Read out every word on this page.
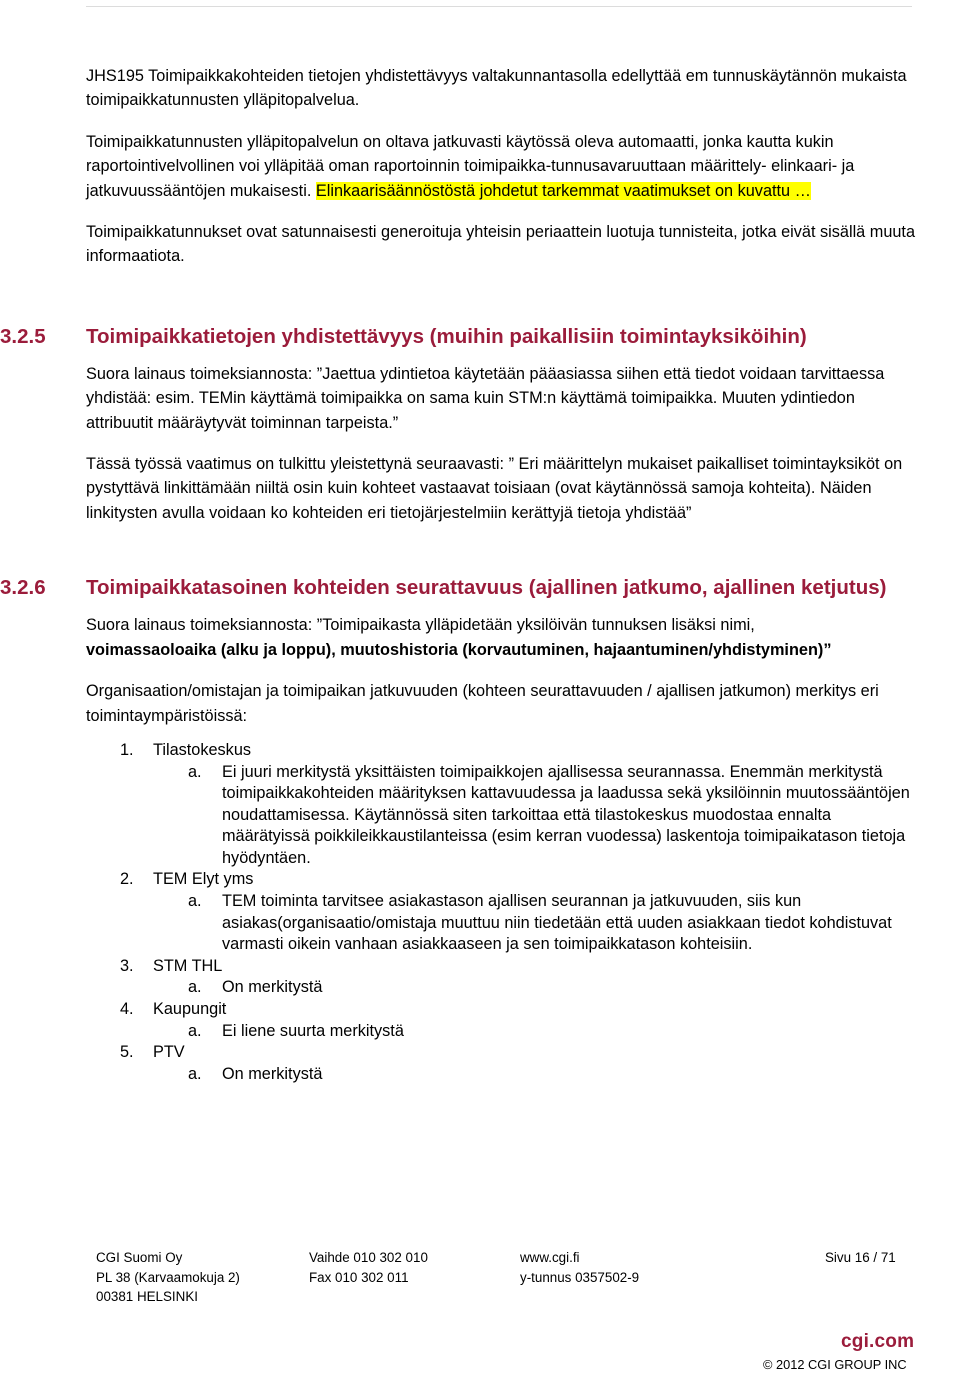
JHS195 Toimipaikkakohteiden tietojen yhdistettävyys valtakunnantasolla edellyttää em tunnuskäytännön mukaista toimipaikkatunnusten ylläpitopalvelua.

Toimipaikkatunnusten ylläpitopalvelun on oltava jatkuvasti käytössä oleva automaatti, jonka kautta kukin raportointivelvollinen voi ylläpitää oman raportoinnin toimipaikka-tunnusavaruuttaan määrittely- elinkaari- ja jatkuvuussääntöjen mukaisesti. Elinkaarisäännöstöstä johdetut tarkemmat vaatimukset on kuvattu …

Toimipaikkatunnukset ovat satunnaisesti generoituja yhteisin periaattein luotuja tunnisteita, jotka eivät sisällä muuta informaatiota.

3.2.5 Toimipaikkatietojen yhdistettävyys (muihin paikallisiin toimintayksiköihin)

Suora lainaus toimeksiannosta: ”Jaettua ydintietoa käytetään pääasiassa siihen että tiedot voidaan tarvittaessa yhdistää: esim. TEMin käyttämä toimipaikka on sama kuin STM:n käyttämä toimipaikka. Muuten ydintiedon attribuutit määräytyvät toiminnan tarpeista.”

Tässä työssä vaatimus on tulkittu yleistettynä seuraavasti: ” Eri määrittelyn mukaiset paikalliset toimintayksiköt on pystyttävä linkittämään niiltä osin kuin kohteet vastaavat toisiaan (ovat käytännössä samoja kohteita). Näiden linkitysten avulla voidaan ko kohteiden eri tietojärjestelmiin kerättyjä tietoja yhdistää”

3.2.6 Toimipaikkatasoinen kohteiden seurattavuus (ajallinen jatkumo, ajallinen ketjutus)

Suora lainaus toimeksiannosta: ”Toimipaikasta ylläpidetään yksilöivän tunnuksen lisäksi nimi,
voimassaoloaika (alku ja loppu), muutoshistoria (korvautuminen, hajaantuminen/yhdistyminen)”

Organisaation/omistajan ja toimipaikan jatkuvuuden (kohteen seurattavuuden / ajallisen jatkumon) merkitys eri toimintaympäristöissä:

1. Tilastokeskus
a. Ei juuri merkitystä yksittäisten toimipaikkojen ajallisessa seurannassa. Enemmän merkitystä toimipaikkakohteiden määrityksen kattavuudessa ja laadussa sekä yksilöinnin muutossääntöjen noudattamisessa. Käytännössä siten tarkoittaa että tilastokeskus muodostaa ennalta määrätyissä poikkileikkaustilanteissa (esim kerran vuodessa) laskentoja toimipaikatason tietoja hyödyntäen.
2. TEM Elyt yms
a. TEM toiminta tarvitsee asiakastason ajallisen seurannan ja jatkuvuuden, siis kun asiakas(organisaatio/omistaja muuttuu niin tiedetään että uuden asiakkaan tiedot kohdistuvat varmasti oikein vanhaan asiakkaaseen ja sen toimipaikkatason kohteisiin.
3. STM THL
a. On merkitystä
4. Kaupungit
a. Ei liene suurta merkitystä
5. PTV
a. On merkitystä
CGI Suomi Oy
PL 38 (Karvaamokuja 2)
00381 HELSINKI
Vaihde 010 302 010
Fax 010 302 011
www.cgi.fi
y-tunnus 0357502-9
Sivu 16 / 71
cgi.com
© 2012 CGI GROUP INC
